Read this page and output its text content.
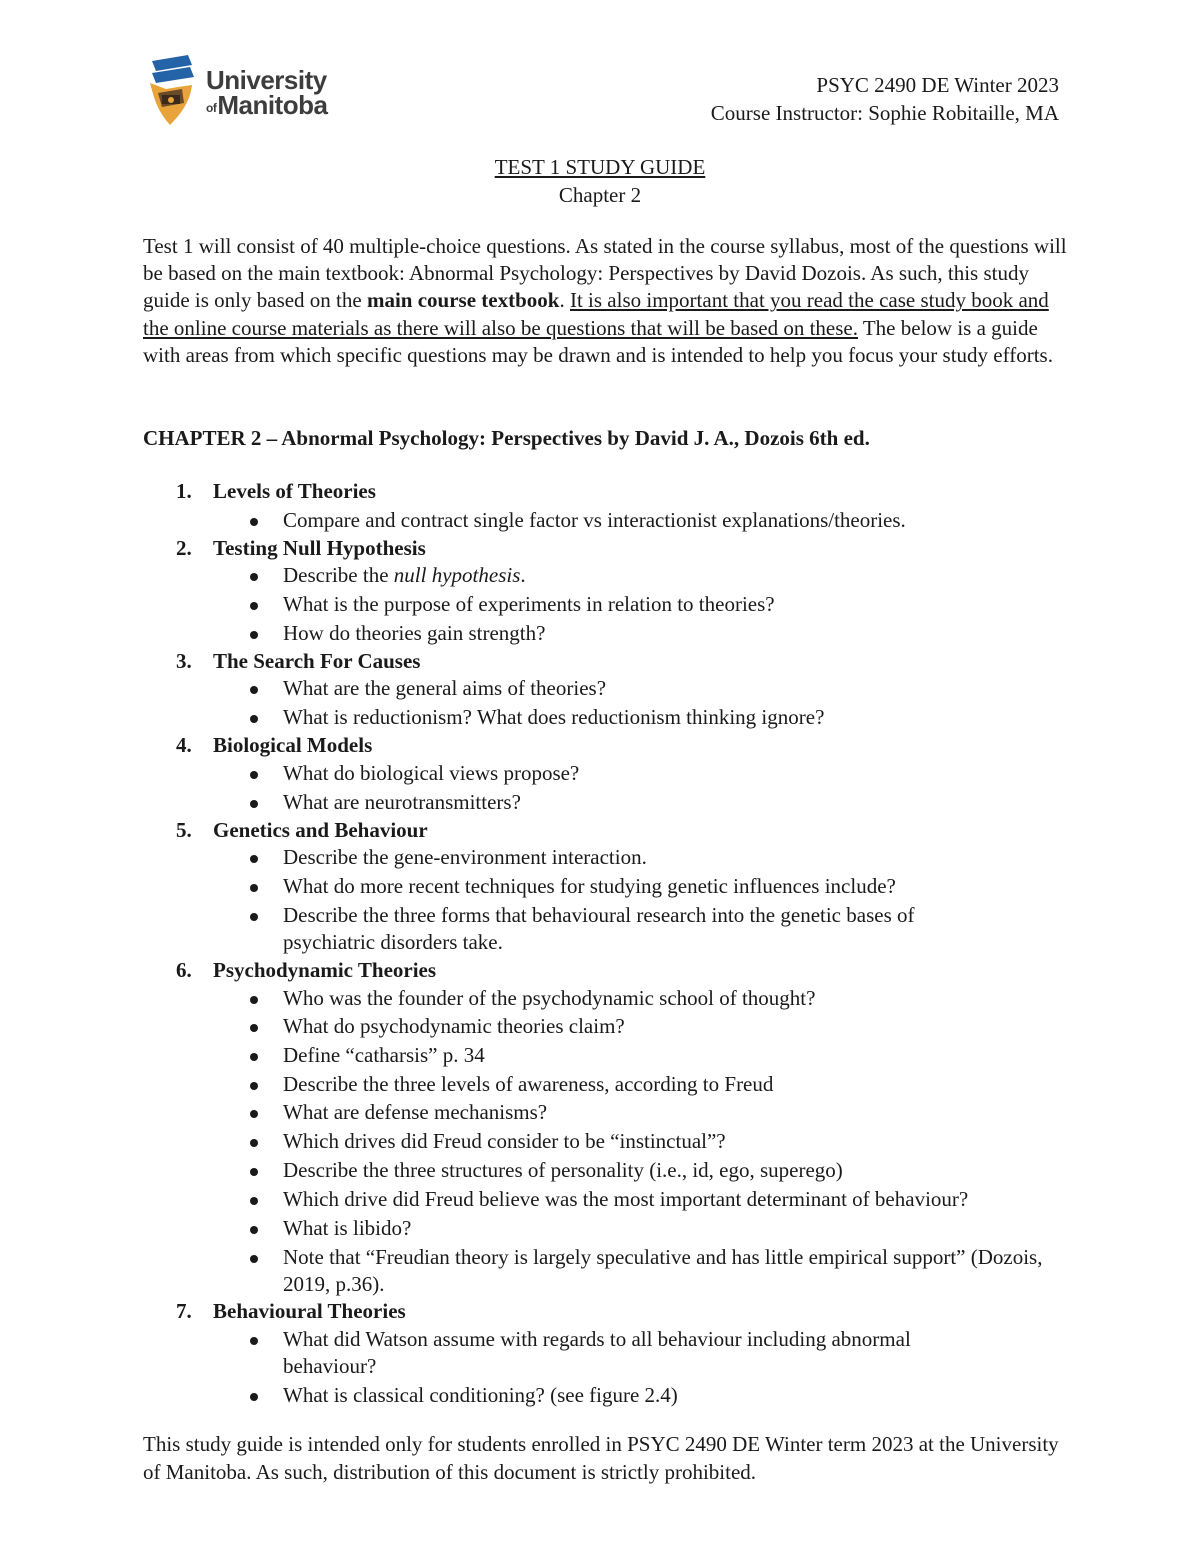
University
ofManitoba
PSYC 2490 DE Winter 2023
Course Instructor: Sophie Robitaille, MA
TEST 1 STUDY GUIDE
Chapter 2
Test 1 will consist of 40 multiple-choice questions. As stated in the course syllabus, most of the questions will be based on the main textbook: Abnormal Psychology: Perspectives by David Dozois. As such, this study guide is only based on the main course textbook. It is also important that you read the case study book and the online course materials as there will also be questions that will be based on these. The below is a guide with areas from which specific questions may be drawn and is intended to help you focus your study efforts.
CHAPTER 2 – Abnormal Psychology: Perspectives by David J. A., Dozois 6th ed.
1. Levels of Theories
Compare and contract single factor vs interactionist explanations/theories.
2. Testing Null Hypothesis
Describe the null hypothesis.
What is the purpose of experiments in relation to theories?
How do theories gain strength?
3. The Search For Causes
What are the general aims of theories?
What is reductionism? What does reductionism thinking ignore?
4. Biological Models
What do biological views propose?
What are neurotransmitters?
5. Genetics and Behaviour
Describe the gene-environment interaction.
What do more recent techniques for studying genetic influences include?
Describe the three forms that behavioural research into the genetic bases of psychiatric disorders take.
6. Psychodynamic Theories
Who was the founder of the psychodynamic school of thought?
What do psychodynamic theories claim?
Define “catharsis” p. 34
Describe the three levels of awareness, according to Freud
What are defense mechanisms?
Which drives did Freud consider to be “instinctual”?
Describe the three structures of personality (i.e., id, ego, superego)
Which drive did Freud believe was the most important determinant of behaviour?
What is libido?
Note that “Freudian theory is largely speculative and has little empirical support” (Dozois, 2019, p.36).
7. Behavioural Theories
What did Watson assume with regards to all behaviour including abnormal behaviour?
What is classical conditioning? (see figure 2.4)
This study guide is intended only for students enrolled in PSYC 2490 DE Winter term 2023 at the University of Manitoba. As such, distribution of this document is strictly prohibited.
